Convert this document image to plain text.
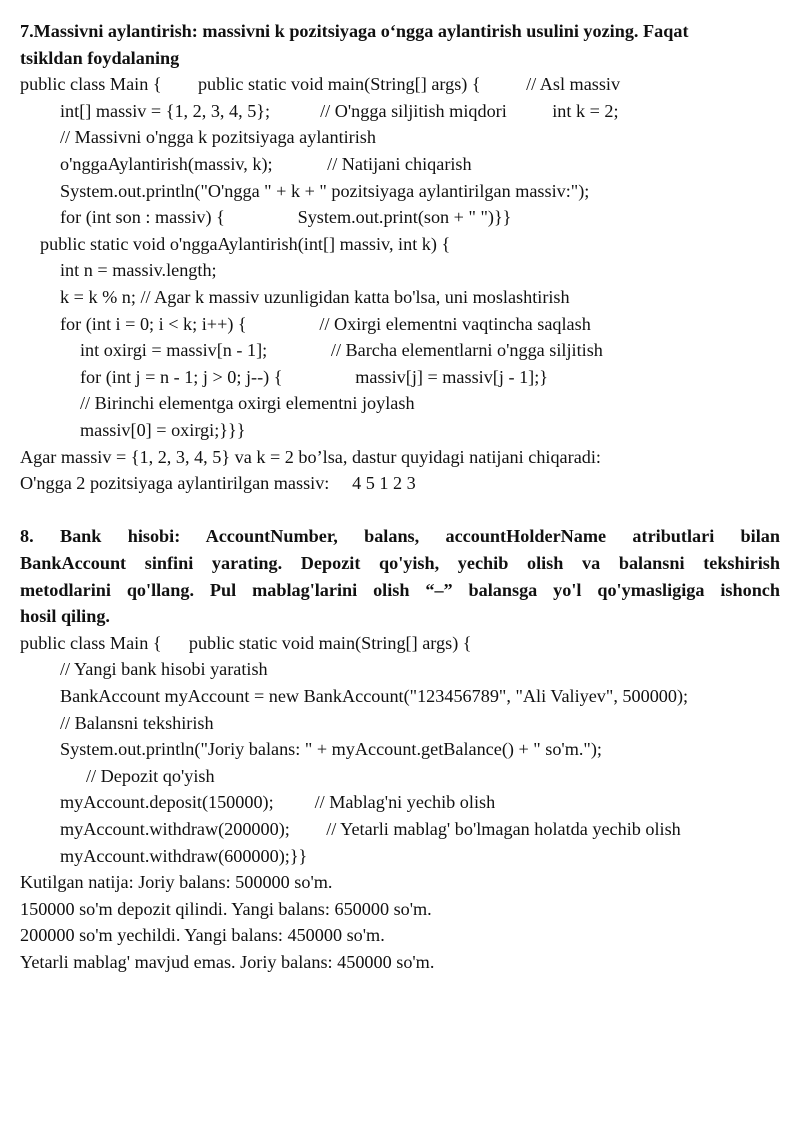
7.Massivni aylantirish: massivni k pozitsiyaga o‘ngga aylantirish usulini yozing. Faqat
tsikldan foydalaning
public class Main {        public static void main(String[] args) {          // Asl massiv
int[] massiv = {1, 2, 3, 4, 5};           // O'ngga siljitish miqdori          int k = 2;
// Massivni o'ngga k pozitsiyaga aylantirish
o'nggaAylantirish(massiv, k);            // Natijani chiqarish
System.out.println("O'ngga " + k + " pozitsiyaga aylantirilgan massiv:");
for (int son : massiv) {                System.out.print(son + " ")}}
public static void o'nggaAylantirish(int[] massiv, int k) {
int n = massiv.length;
k = k % n; // Agar k massiv uzunligidan katta bo'lsa, uni moslashtirish
for (int i = 0; i < k; i++) {                // Oxirgi elementni vaqtincha saqlash
int oxirgi = massiv[n - 1];              // Barcha elementlarni o'ngga siljitish
for (int j = n - 1; j > 0; j--) {                massiv[j] = massiv[j - 1];}
// Birinchi elementga oxirgi elementni joylash
massiv[0] = oxirgi;}}}
Agar massiv = {1, 2, 3, 4, 5} va k = 2 bo’lsa, dastur quyidagi natijani chiqaradi:
O'ngga 2 pozitsiyaga aylantirilgan massiv:     4 5 1 2 3
8. Bank hisobi: AccountNumber, balans, accountHolderName atributlari bilan
BankAccount sinfini yarating. Depozit qo'yish, yechib olish va balansni tekshirish
metodlarini qo'llang. Pul mablag'larini olish “–” balansga yo'l qo'ymasligiga ishonch
hosil qiling.
public class Main {      public static void main(String[] args) {
// Yangi bank hisobi yaratish
BankAccount myAccount = new BankAccount("123456789", "Ali Valiyev", 500000);
// Balansni tekshirish
System.out.println("Joriy balans: " + myAccount.getBalance() + " so'm.");
// Depozit qo'yish
myAccount.deposit(150000);         // Mablag'ni yechib olish
myAccount.withdraw(200000);        // Yetarli mablag' bo'lmagan holatda yechib olish
myAccount.withdraw(600000);}}
Kutilgan natija: Joriy balans: 500000 so'm.
150000 so'm depozit qilindi. Yangi balans: 650000 so'm.
200000 so'm yechildi. Yangi balans: 450000 so'm.
Yetarli mablag' mavjud emas. Joriy balans: 450000 so'm.
